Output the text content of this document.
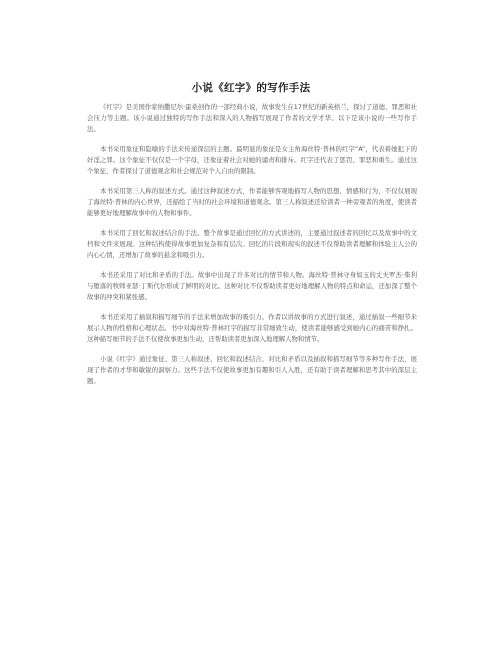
小说《红字》的写作手法

《红字》是美国作家纳撒尼尔·霍桑创作的一部经典小说，故事发生在17世纪的新英格兰，探讨了道德、罪恶和社会压力等主题。该小说通过独特的写作手法和深入的人物描写展现了作者的文学才华。以下是该小说的一些写作手法。

本书采用象征和隐喻的手法来传递深层的主题。最明显的象征是女主角海丝特·普林的红字“A”，代表着她犯下的奸淫之罪。这个象征不仅仅是一个字母，还象征着社会对她的谴责和排斥。红字还代表了惩罚、罪恶和重生。通过这个象征，作者探讨了道德观念和社会规范对个人自由的限制。

本书采用第三人称的叙述方式。通过这种叙述方式，作者能够客观地描写人物的思想、情感和行为，不仅仅展现了海丝特·普林的内心世界，还描绘了当时的社会环境和道德观念。第三人称叙述还给读者一种旁观者的角度，使读者能够更好地理解故事中的人物和事件。

本书采用了回忆和叙述结合的手法。整个故事是通过回忆的方式讲述的，主要通过叙述者的回忆以及故事中的文档和文件来展现。这种结构使得故事更加复杂和有层次。回忆的片段和现实的叙述不仅帮助读者理解和体验主人公的内心心情，还增加了故事的悬念和吸引力。

本书还采用了对比和矛盾的手法。故事中出现了许多对比的情节和人物。海丝特·普林守身如玉的丈夫罗杰·柴利与堕落的牧师亚瑟·丁斯代尔形成了鲜明的对比。这种对比不仅帮助读者更好地理解人物的特点和命运，还加深了整个故事的冲突和紧张感。

本书还采用了插叙和描写细节的手法来增加故事的吸引力。作者以讲故事的方式进行叙述，通过插叙一些细节来展示人物的性格和心理状态。书中对海丝特·普林红字的描写非常细致生动，使读者能够感受到她内心的痛苦和挣扎。这种描写细节的手法不仅使故事更加生动，还帮助读者更加深入地理解人物和情节。

小说《红字》通过象征、第三人称叙述、回忆和叙述结合、对比和矛盾以及插叙和描写细节等多种写作手法，展现了作者的才华和敏锐的洞察力。这些手法不仅使故事更加有趣和引人入胜，还有助于读者理解和思考其中的深层主题。
